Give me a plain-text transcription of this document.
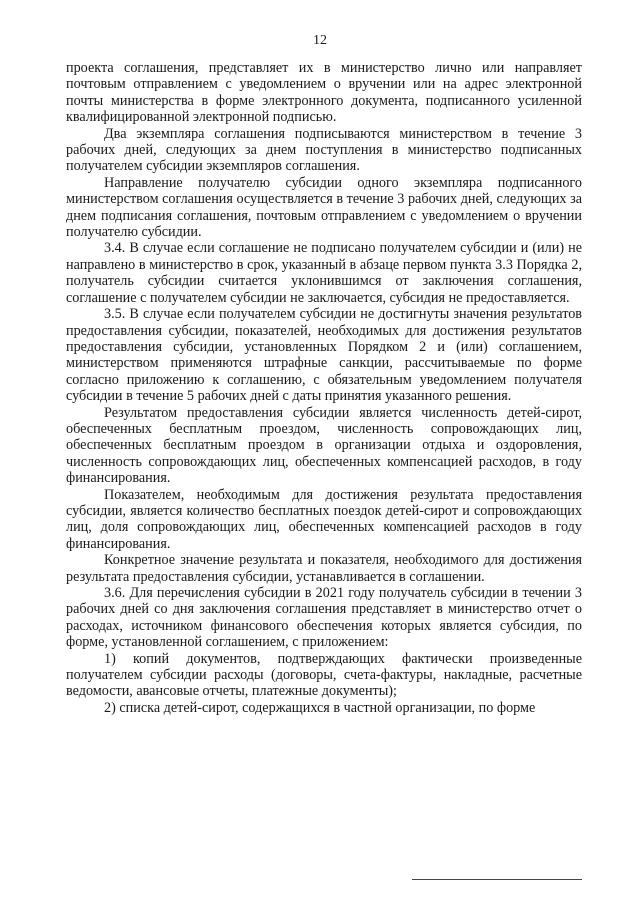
12

проекта соглашения, представляет их в министерство лично или направляет почтовым отправлением с уведомлением о вручении или на адрес электронной почты министерства в форме электронного документа, подписанного усиленной квалифицированной электронной подписью.

Два экземпляра соглашения подписываются министерством в течение 3 рабочих дней, следующих за днем поступления в министерство подписанных получателем субсидии экземпляров соглашения.

Направление получателю субсидии одного экземпляра подписанного министерством соглашения осуществляется в течение 3 рабочих дней, следующих за днем подписания соглашения, почтовым отправлением с уведомлением о вручении получателю субсидии.

3.4. В случае если соглашение не подписано получателем субсидии и (или) не направлено в министерство в срок, указанный в абзаце первом пункта 3.3 Порядка 2, получатель субсидии считается уклонившимся от заключения соглашения, соглашение с получателем субсидии не заключается, субсидия не предоставляется.

3.5. В случае если получателем субсидии не достигнуты значения результатов предоставления субсидии, показателей, необходимых для достижения результатов предоставления субсидии, установленных Порядком 2 и (или) соглашением, министерством применяются штрафные санкции, рассчитываемые по форме согласно приложению к соглашению, с обязательным уведомлением получателя субсидии в течение 5 рабочих дней с даты принятия указанного решения.

Результатом предоставления субсидии является численность детей-сирот, обеспеченных бесплатным проездом, численность сопровождающих лиц, обеспеченных бесплатным проездом в организации отдыха и оздоровления, численность сопровождающих лиц, обеспеченных компенсацией расходов, в году финансирования.

Показателем, необходимым для достижения результата предоставления субсидии, является количество бесплатных поездок детей-сирот и сопровождающих лиц, доля сопровождающих лиц, обеспеченных компенсацией расходов в году финансирования.

Конкретное значение результата и показателя, необходимого для достижения результата предоставления субсидии, устанавливается в соглашении.

3.6. Для перечисления субсидии в 2021 году получатель субсидии в течении 3 рабочих дней со дня заключения соглашения представляет в министерство отчет о расходах, источником финансового обеспечения которых является субсидия, по форме, установленной соглашением, с приложением:

1) копий документов, подтверждающих фактически произведенные получателем субсидии расходы (договоры, счета-фактуры, накладные, расчетные ведомости, авансовые отчеты, платежные документы);

2) списка детей-сирот, содержащихся в частной организации, по форме
